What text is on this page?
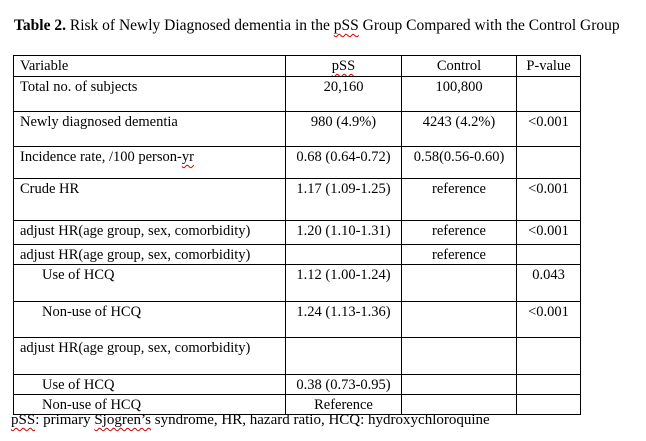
Table 2. Risk of Newly Diagnosed dementia in the pSS Group Compared with the Control Group
Variable	pSS	Control	P-value
Total no. of subjects	20,160	100,800	
Newly diagnosed dementia	980 (4.9%)	4243 (4.2%)	<0.001
Incidence rate, /100 person-yr	0.68 (0.64-0.72)	0.58(0.56-0.60)	
Crude HR	1.17 (1.09-1.25)	reference	<0.001
adjust HR(age group, sex, comorbidity)	1.20 (1.10-1.31)	reference	<0.001
adjust HR(age group, sex, comorbidity)		reference	
Use of HCQ	1.12 (1.00-1.24)		0.043
Non-use of HCQ	1.24 (1.13-1.36)		<0.001
adjust HR(age group, sex, comorbidity)			
Use of HCQ	0.38 (0.73-0.95)		
Non-use of HCQ	Reference		
pSS: primary Sjogren’s syndrome, HR, hazard ratio, HCQ: hydroxychloroquine
